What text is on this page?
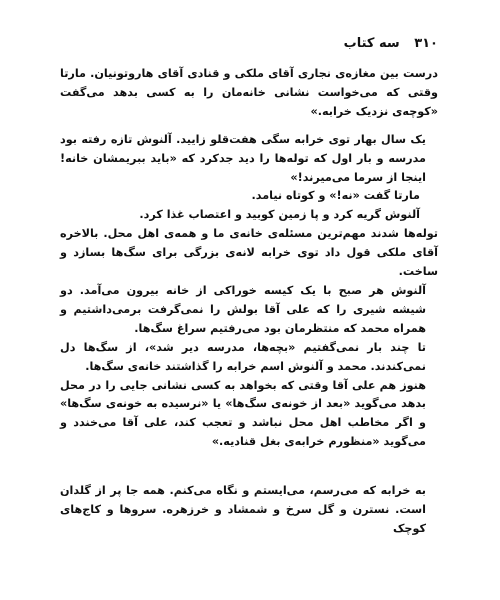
۳۱۰ سه کتاب

درست بین مغازه‌ی نجاری آقای ملکی و قنادی آقای هاروتونیان. مارتا وقتی که می‌خواست نشانی خانه‌مان را به کسی بدهد می‌گفت «کوچه‌ی نزدیک خرابه.»

یک سال بهار توی خرابه سگی هفت‌قلو زایید. آلنوش تازه رفته بود مدرسه و بار اول که توله‌ها را دید جدکرد که «باید ببریمشان خانه! اینجا از سرما می‌میرند!»

مارتا گفت «نه!» و کوتاه نیامد.

آلنوش گریه کرد و پا زمین کوبید و اعتصاب غذا کرد.

توله‌ها شدند مهم‌ترین مسئله‌ی خانه‌ی ما و همه‌ی اهل محل. بالاخره آقای ملکی قول داد توی خرابه لانه‌ی بزرگی برای سگ‌ها بسازد و ساخت.

آلنوش هر صبح با یک کیسه خوراکی از خانه بیرون می‌آمد. دو شیشه شیری را که علی آقا بولش را نمی‌گرفت برمی‌داشتیم و همراه محمد که منتظرمان بود می‌رفتیم سراغ سگ‌ها.

تا چند بار نمی‌گفتیم «بچه‌ها، مدرسه دیر شد»، از سگ‌ها دل نمی‌کندند. محمد و آلنوش اسم خرابه را گذاشتند خانه‌ی سگ‌ها.

هنوز هم علی آقا وقتی که بخواهد به کسی نشانی جایی را در محل بدهد می‌گوید «بعد از خونه‌ی سگ‌ها» یا «نرسیده به خونه‌ی سگ‌ها» و اگر مخاطب اهل محل نباشد و تعجب کند، علی آقا می‌خندد و می‌گوید «منظورم خرابه‌ی بغل قنادیه.»

به خرابه که می‌رسم، می‌ایستم و نگاه می‌کنم. همه جا پر از گلدان است. نسترن و گل سرخ و شمشاد و خرزهره. سروها و کاج‌های کوچک
